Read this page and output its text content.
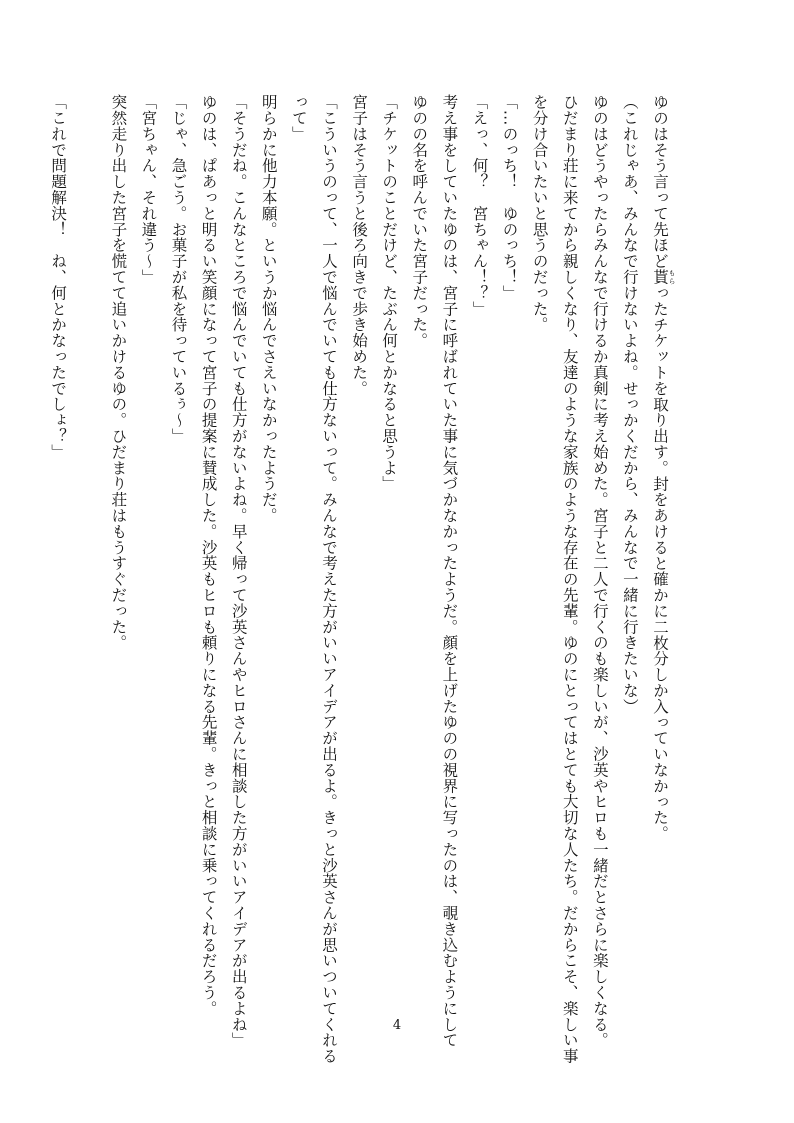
ゆのはそう言って先ほど貰 もらったチケットを取り出す。封をあけると確かに二枚分しか入っていなかった。
（これじゃあ、みんなで行けないよね。せっかくだから、みんなで一緒に行きたいな）
ゆのはどうやったらみんなで行けるか真剣に考え始めた。宮子と二人で行くのも楽しいが、沙英やヒロも一緒だとさらに楽しくなる。
ひだまり荘に来てから親しくなり、友達のような家族のような存在の先輩。ゆのにとってはとても大切な人たち。だからこそ、楽しい事
を分け合いたいと思うのだった。
「…のっち！　ゆのっち！」
「えっ、何？　宮ちゃん！？」
考え事をしていたゆのは、宮子に呼ばれていた事に気づかなかったようだ。顔を上げたゆのの視界に写ったのは、覗き込むようにして
ゆのの名を呼んでいた宮子だった。
「チケットのことだけど、たぶん何とかなると思うよ」
宮子はそう言うと後ろ向きで歩き始めた。
「こういうのって、一人で悩んでいても仕方ないって。みんなで考えた方がいいアイデアが出るよ。きっと沙英さんが思いついてくれる
って」
明らかに他力本願。というか悩んでさえいなかったようだ。
「そうだね。こんなところで悩んでいても仕方がないよね。早く帰って沙英さんやヒロさんに相談した方がいいアイデアが出るよね」
ゆのは、ぱあっと明るい笑顔になって宮子の提案に賛成した。沙英もヒロも頼りになる先輩。きっと相談に乗ってくれるだろう。
「じゃ、急ごう。お菓子が私を待っているぅ～」
「宮ちゃん、それ違う～」
突然走り出した宮子を慌てて追いかけるゆの。ひだまり荘はもうすぐだった。

「これで問題解決！　ね、何とかなったでしょ？」
4
